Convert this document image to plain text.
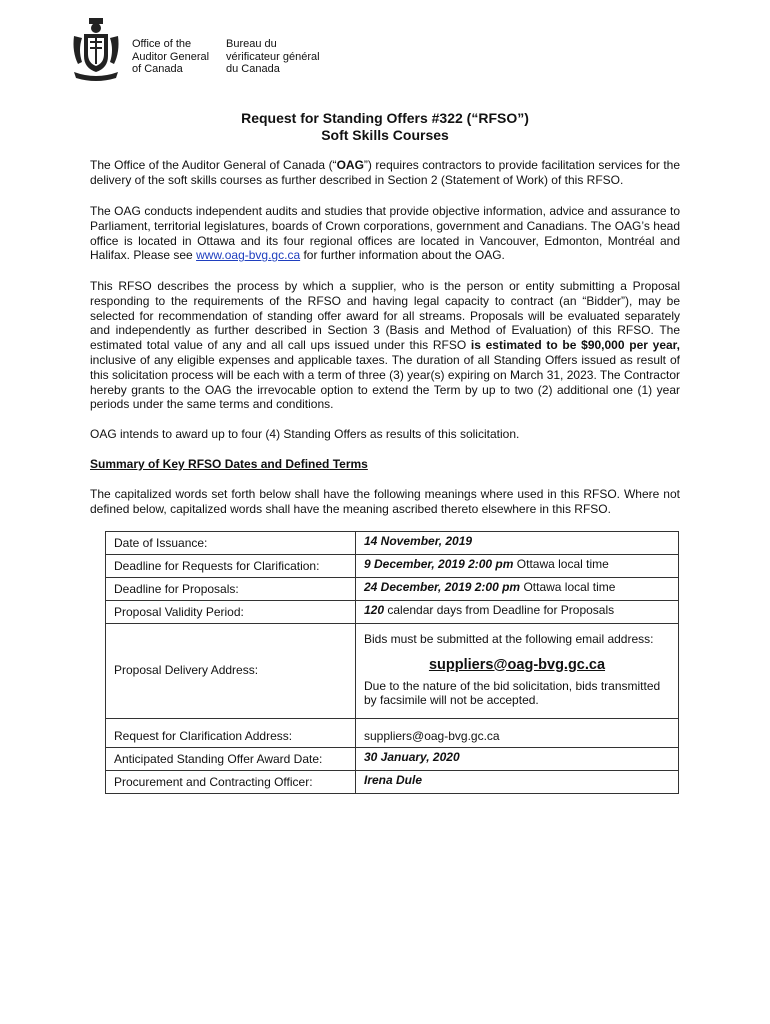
Office of the
Auditor General
of Canada
Bureau du
vérificateur général
du Canada
Request for Standing Offers #322 (“RFSO”)
Soft Skills Courses
The Office of the Auditor General of Canada (“OAG”) requires contractors to provide facilitation services for the delivery of the soft skills courses as further described in Section 2 (Statement of Work) of this RFSO.
The OAG conducts independent audits and studies that provide objective information, advice and assurance to Parliament, territorial legislatures, boards of Crown corporations, government and Canadians. The OAG’s head office is located in Ottawa and its four regional offices are located in Vancouver, Edmonton, Montréal and Halifax. Please see www.oag-bvg.gc.ca for further information about the OAG.
This RFSO describes the process by which a supplier, who is the person or entity submitting a Proposal responding to the requirements of the RFSO and having legal capacity to contract (an “Bidder”), may be selected for recommendation of standing offer award for all streams. Proposals will be evaluated separately and independently as further described in Section 3 (Basis and Method of Evaluation) of this RFSO. The estimated total value of any and all call ups issued under this RFSO is estimated to be $90,000 per year, inclusive of any eligible expenses and applicable taxes. The duration of all Standing Offers issued as result of this solicitation process will be each with a term of three (3) year(s) expiring on March 31, 2023. The Contractor hereby grants to the OAG the irrevocable option to extend the Term by up to two (2) additional one (1) year periods under the same terms and conditions.
OAG intends to award up to four (4) Standing Offers as results of this solicitation.
Summary of Key RFSO Dates and Defined Terms
The capitalized words set forth below shall have the following meanings where used in this RFSO. Where not defined below, capitalized words shall have the meaning ascribed thereto elsewhere in this RFSO.
Date of Issuance:	14 November, 2019
Deadline for Requests for Clarification:	9 December, 2019 2:00 pm Ottawa local time
Deadline for Proposals:	24 December, 2019 2:00 pm Ottawa local time
Proposal Validity Period:	120 calendar days from Deadline for Proposals
Proposal Delivery Address:	Bids must be submitted at the following email address:
suppliers@oag-bvg.gc.ca
Due to the nature of the bid solicitation, bids transmitted by facsimile will not be accepted.

Request for Clarification Address:	suppliers@oag-bvg.gc.ca
Anticipated Standing Offer Award Date:	30 January, 2020
Procurement and Contracting Officer:	Irena Dule
